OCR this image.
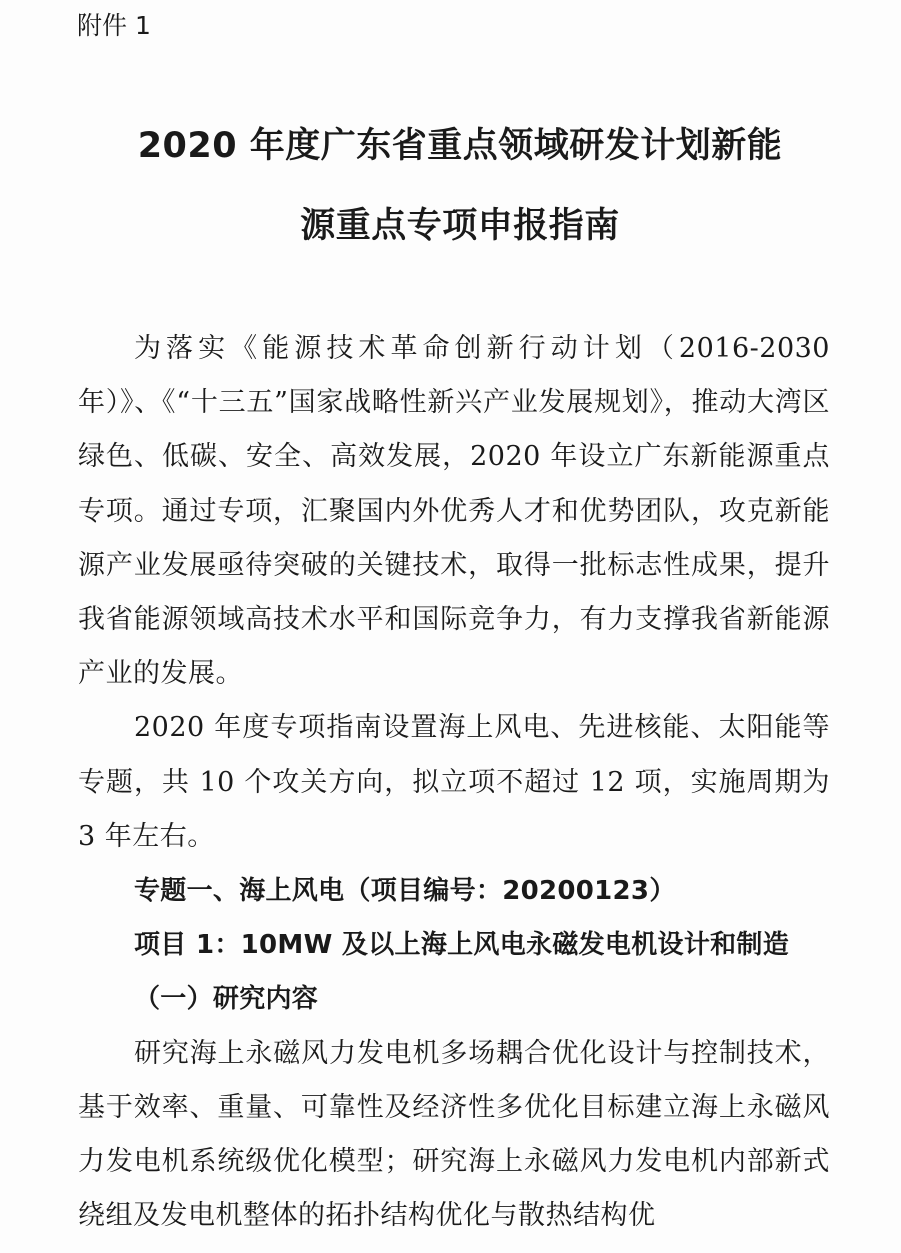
附件 1
2020 年度广东省重点领域研发计划新能
源重点专项申报指南

为落实《能源技术革命创新行动计划（2016-2030 年）》、《“十三五”国家战略性新兴产业发展规划》，推动大湾区绿色、低碳、安全、高效发展，2020 年设立广东新能源重点专项。通过专项，汇聚国内外优秀人才和优势团队，攻克新能源产业发展亟待突破的关键技术，取得一批标志性成果，提升我省能源领域高技术水平和国际竞争力，有力支撑我省新能源产业的发展。

2020 年度专项指南设置海上风电、先进核能、太阳能等专题，共 10 个攻关方向，拟立项不超过 12 项，实施周期为 3 年左右。

专题一、海上风电（项目编号：20200123）

项目 1：10MW 及以上海上风电永磁发电机设计和制造

（一）研究内容

研究海上永磁风力发电机多场耦合优化设计与控制技术，基于效率、重量、可靠性及经济性多优化目标建立海上永磁风力发电机系统级优化模型；研究海上永磁风力发电机内部新式绕组及发电机整体的拓扑结构优化与散热结构优
